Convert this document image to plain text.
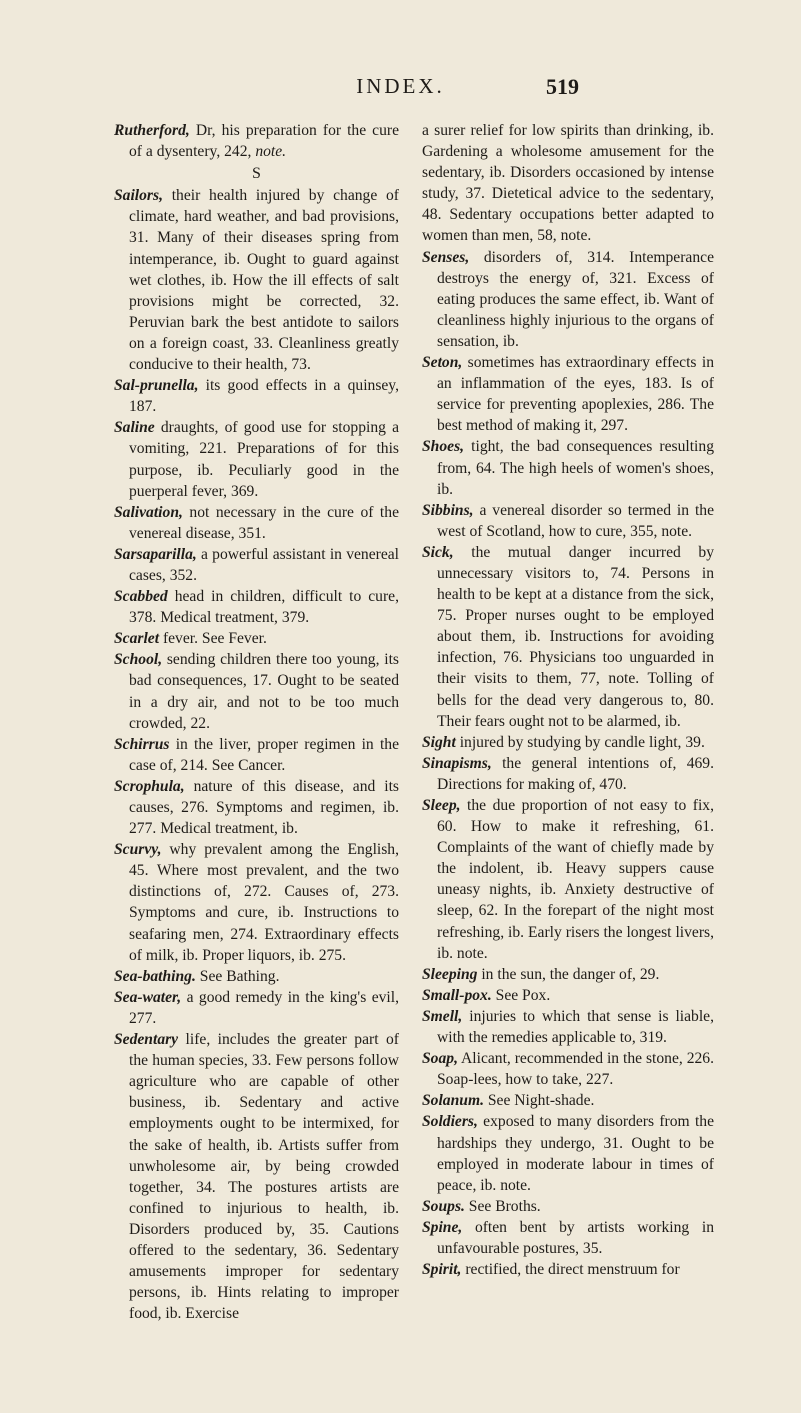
INDEX.	519

Rutherford, Dr, his preparation for the cure of a dysentery, 242, note.

S

Sailors, their health injured by change of climate, hard weather, and bad provisions, 31. Many of their diseases spring from intemperance, ib. Ought to guard against wet clothes, ib. How the ill effects of salt provisions might be corrected, 32. Peruvian bark the best antidote to sailors on a foreign coast, 33. Cleanliness greatly conducive to their health, 73.

Sal-prunella, its good effects in a quinsey, 187.

Saline draughts, of good use for stopping a vomiting, 221. Preparations of for this purpose, ib. Peculiarly good in the puerperal fever, 369.

Salivation, not necessary in the cure of the venereal disease, 351.

Sarsaparilla, a powerful assistant in venereal cases, 352.

Scabbed head in children, difficult to cure, 378. Medical treatment, 379.

Scarlet fever. See Fever.

School, sending children there too young, its bad consequences, 17. Ought to be seated in a dry air, and not to be too much crowded, 22.

Schirrus in the liver, proper regimen in the case of, 214. See Cancer.

Scrophula, nature of this disease, and its causes, 276. Symptoms and regimen, ib. 277. Medical treatment, ib.

Scurvy, why prevalent among the English, 45. Where most prevalent, and the two distinctions of, 272. Causes of, 273. Symptoms and cure, ib. Instructions to seafaring men, 274. Extraordinary effects of milk, ib. Proper liquors, ib. 275.

Sea-bathing. See Bathing.

Sea-water, a good remedy in the king's evil, 277.

Sedentary life, includes the greater part of the human species, 33. Few persons follow agriculture who are capable of other business, ib. Sedentary and active employments ought to be intermixed, for the sake of health, ib. Artists suffer from unwholesome air, by being crowded together, 34. The postures artists are confined to injurious to health, ib. Disorders produced by, 35. Cautions offered to the sedentary, 36. Sedentary amusements improper for sedentary persons, ib. Hints relating to improper food, ib. Exercise

a surer relief for low spirits than drinking, ib. Gardening a wholesome amusement for the sedentary, ib. Disorders occasioned by intense study, 37. Dietetical advice to the sedentary, 48. Sedentary occupations better adapted to women than men, 58, note.

Senses, disorders of, 314. Intemperance destroys the energy of, 321. Excess of eating produces the same effect, ib. Want of cleanliness highly injurious to the organs of sensation, ib.

Seton, sometimes has extraordinary effects in an inflammation of the eyes, 183. Is of service for preventing apoplexies, 286. The best method of making it, 297.

Shoes, tight, the bad consequences resulting from, 64. The high heels of women's shoes, ib.

Sibbins, a venereal disorder so termed in the west of Scotland, how to cure, 355, note.

Sick, the mutual danger incurred by unnecessary visitors to, 74. Persons in health to be kept at a distance from the sick, 75. Proper nurses ought to be employed about them, ib. Instructions for avoiding infection, 76. Physicians too unguarded in their visits to them, 77, note. Tolling of bells for the dead very dangerous to, 80. Their fears ought not to be alarmed, ib.

Sight injured by studying by candle light, 39.

Sinapisms, the general intentions of, 469. Directions for making of, 470.

Sleep, the due proportion of not easy to fix, 60. How to make it refreshing, 61. Complaints of the want of chiefly made by the indolent, ib. Heavy suppers cause uneasy nights, ib. Anxiety destructive of sleep, 62. In the forepart of the night most refreshing, ib. Early risers the longest livers, ib. note.

Sleeping in the sun, the danger of, 29.

Small-pox. See Pox.

Smell, injuries to which that sense is liable, with the remedies applicable to, 319.

Soap, Alicant, recommended in the stone, 226. Soap-lees, how to take, 227.

Solanum. See Night-shade.

Soldiers, exposed to many disorders from the hardships they undergo, 31. Ought to be employed in moderate labour in times of peace, ib. note.

Soups. See Broths.

Spine, often bent by artists working in unfavourable postures, 35.

Spirit, rectified, the direct menstruum for
